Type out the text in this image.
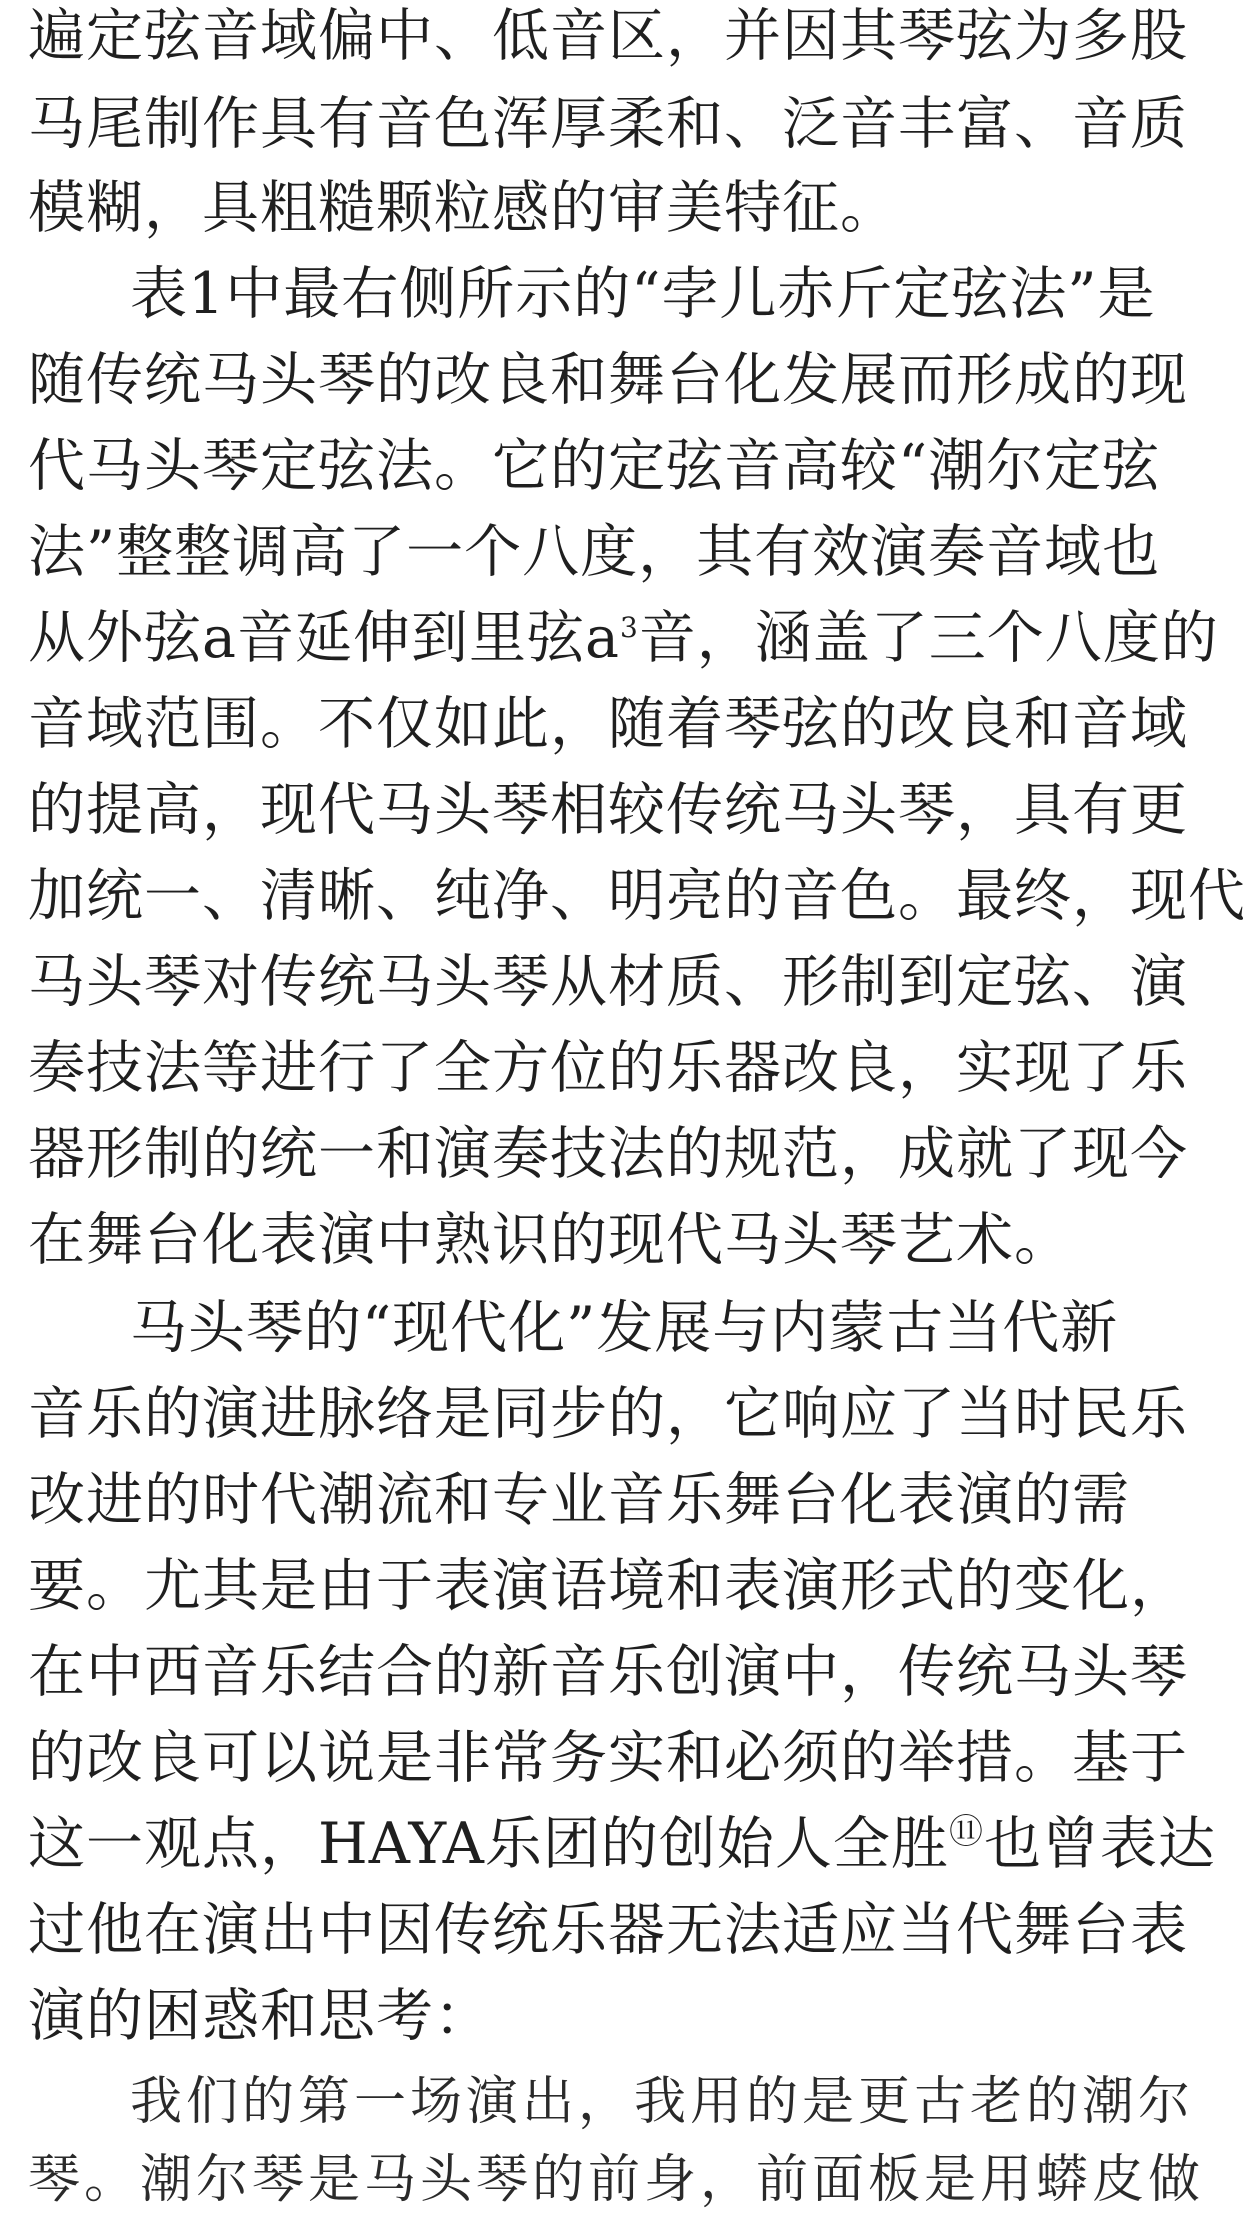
遍定弦音域偏中、低音区，并因其琴弦为多股
马尾制作具有音色浑厚柔和、泛音丰富、音质
模糊，具粗糙颗粒感的审美特征。
表1中最右侧所示的“孛儿赤斤定弦法”是
随传统马头琴的改良和舞台化发展而形成的现
代马头琴定弦法。它的定弦音高较“潮尔定弦
法”整整调高了一个八度，其有效演奏音域也
从外弦a音延伸到里弦$a^3$音，涵盖了三个八度的
音域范围。不仅如此，随着琴弦的改良和音域
的提高，现代马头琴相较传统马头琴，具有更
加统一、清晰、纯净、明亮的音色。最终，现代
马头琴对传统马头琴从材质、形制到定弦、演
奏技法等进行了全方位的乐器改良，实现了乐
器形制的统一和演奏技法的规范，成就了现今
在舞台化表演中熟识的现代马头琴艺术。
马头琴的“现代化”发展与内蒙古当代新
音乐的演进脉络是同步的，它响应了当时民乐
改进的时代潮流和专业音乐舞台化表演的需
要。尤其是由于表演语境和表演形式的变化，
在中西音乐结合的新音乐创演中，传统马头琴
的改良可以说是非常务实和必须的举措。基于
这一观点，HAYA乐团的创始人全胜⑪也曾表达
过他在演出中因传统乐器无法适应当代舞台表
演的困惑和思考：
我们的第一场演出，我用的是更古老的潮尔
琴。潮尔琴是马头琴的前身，前面板是用蟒皮做
